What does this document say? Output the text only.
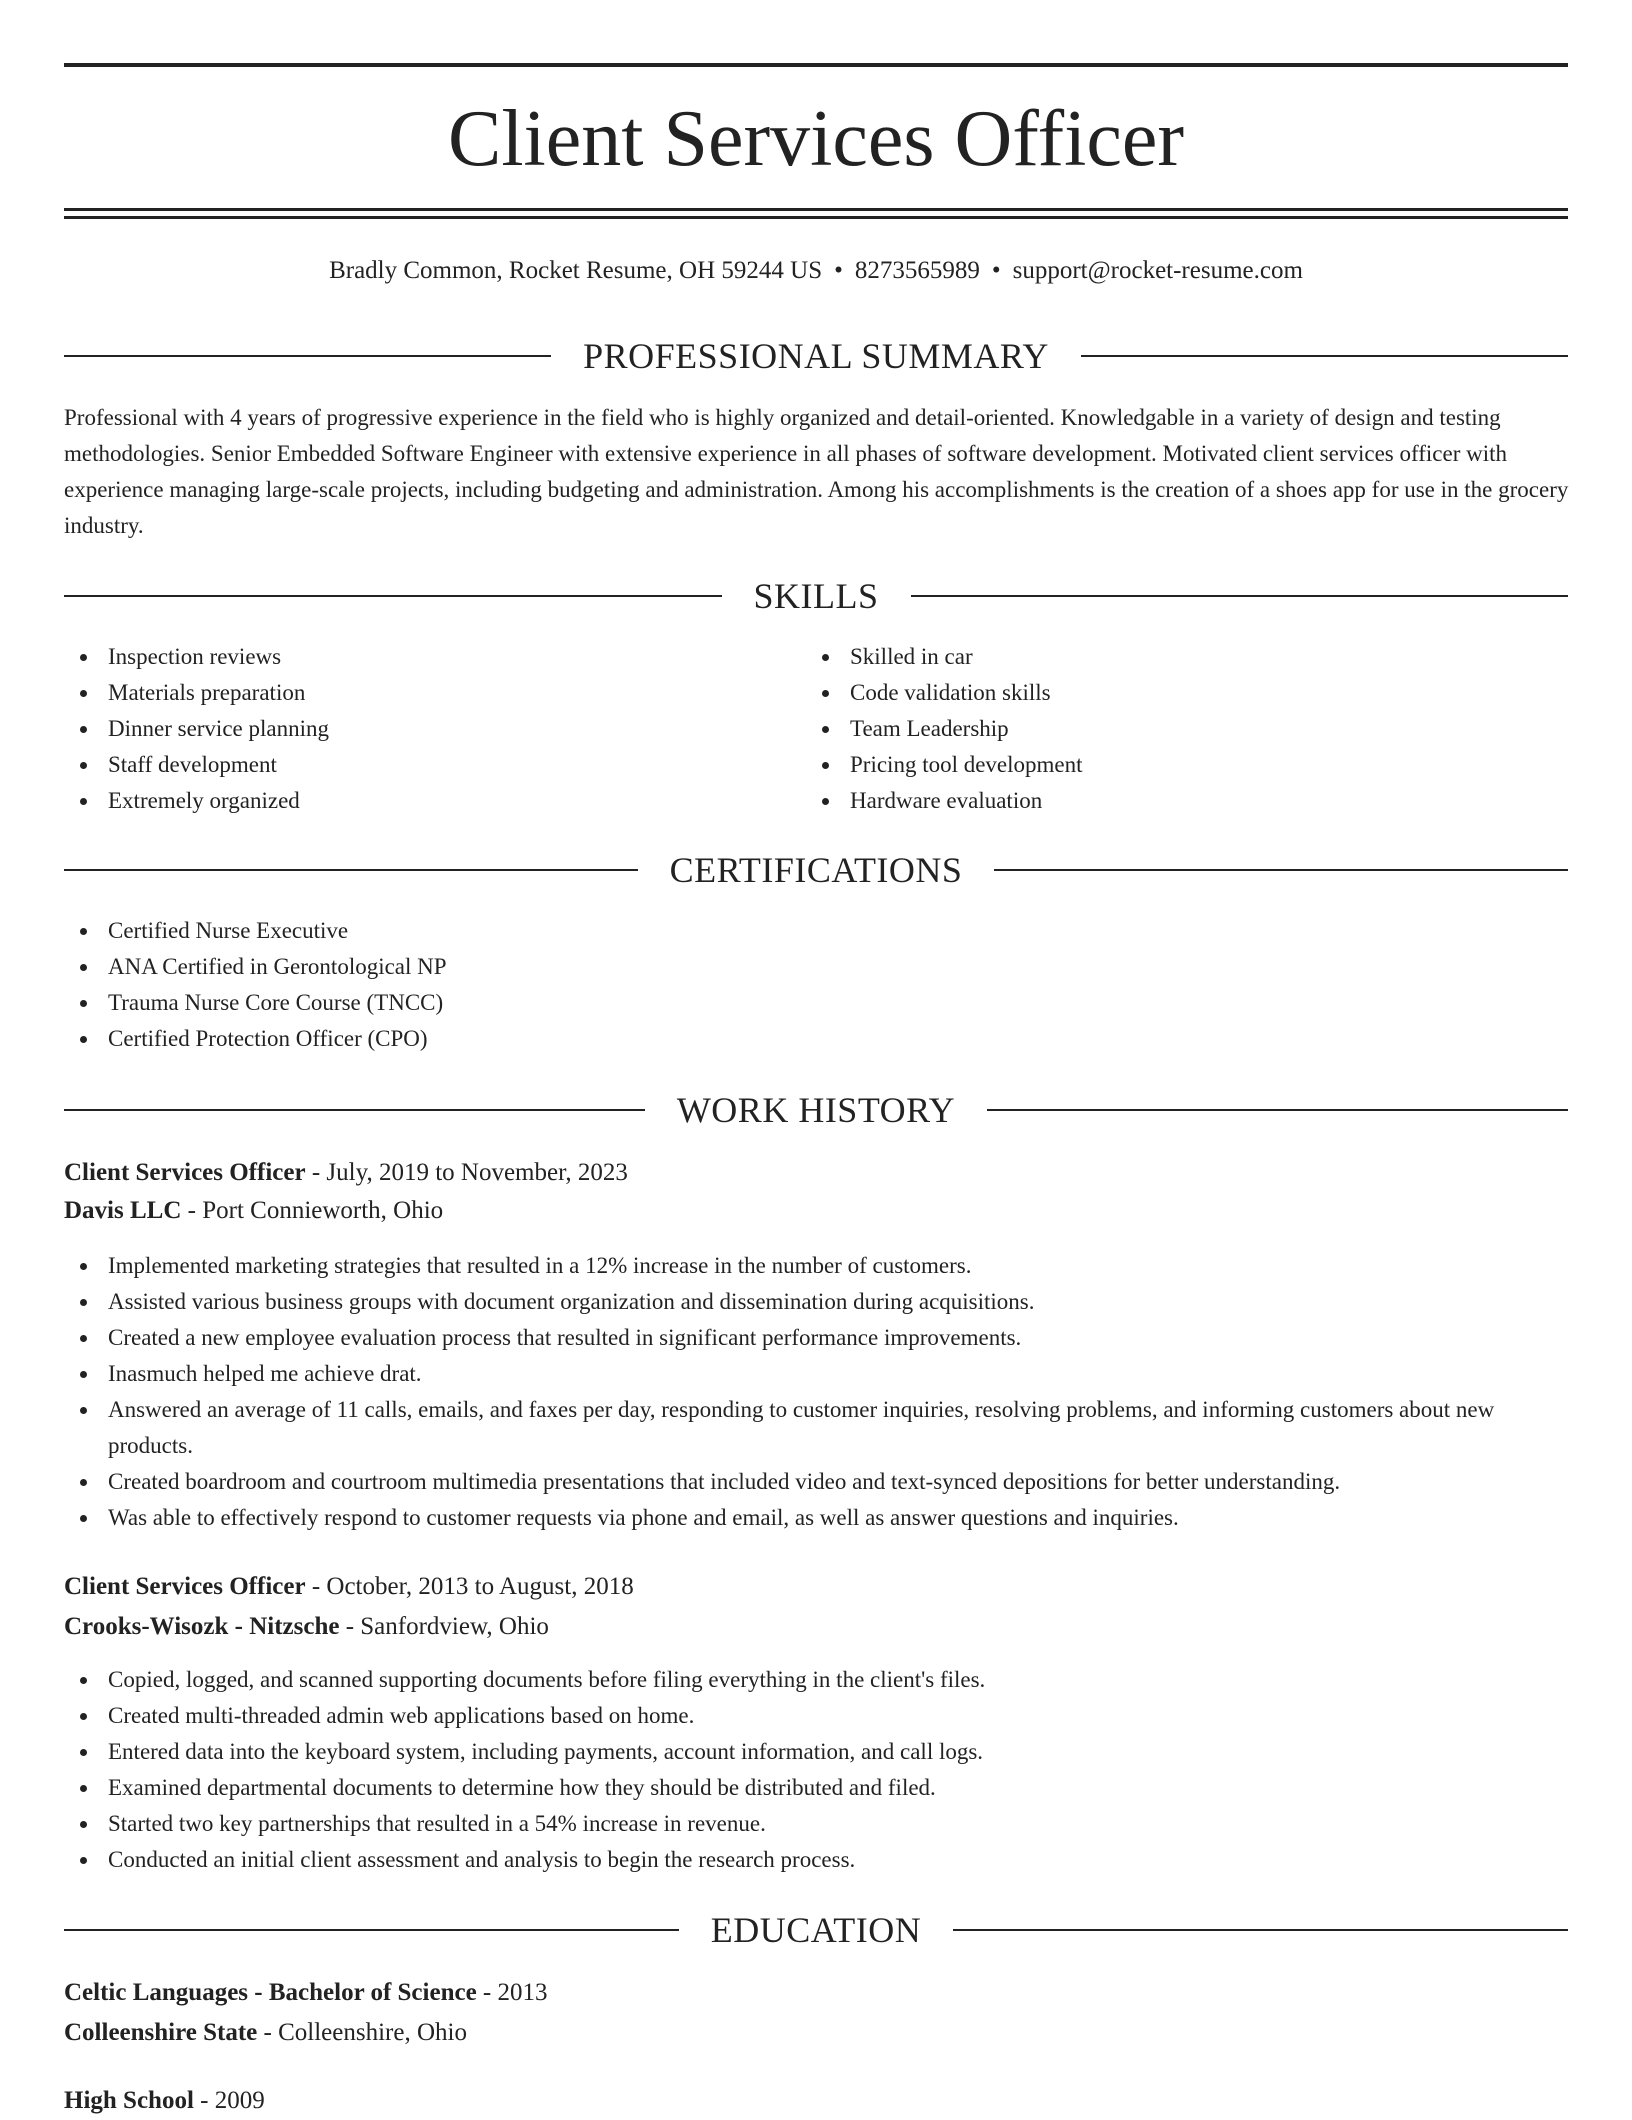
Client Services Officer
Bradly Common, Rocket Resume, OH 59244 US • 8273565989 • support@rocket-resume.com
PROFESSIONAL SUMMARY

Professional with 4 years of progressive experience in the field who is highly organized and detail-oriented. Knowledgable in a variety of design and testing methodologies. Senior Embedded Software Engineer with extensive experience in all phases of software development. Motivated client services officer with experience managing large-scale projects, including budgeting and administration. Among his accomplishments is the creation of a shoes app for use in the grocery industry.

SKILLS
Inspection reviews
Materials preparation
Dinner service planning
Staff development
Extremely organized
Skilled in car
Code validation skills
Team Leadership
Pricing tool development
Hardware evaluation
CERTIFICATIONS
Certified Nurse Executive
ANA Certified in Gerontological NP
Trauma Nurse Core Course (TNCC)
Certified Protection Officer (CPO)
WORK HISTORY
Client Services Officer - July, 2019 to November, 2023
Davis LLC - Port Connieworth, Ohio
Implemented marketing strategies that resulted in a 12% increase in the number of customers.
Assisted various business groups with document organization and dissemination during acquisitions.
Created a new employee evaluation process that resulted in significant performance improvements.
Inasmuch helped me achieve drat.
Answered an average of 11 calls, emails, and faxes per day, responding to customer inquiries, resolving problems, and informing customers about new products.
Created boardroom and courtroom multimedia presentations that included video and text-synced depositions for better understanding.
Was able to effectively respond to customer requests via phone and email, as well as answer questions and inquiries.
Client Services Officer - October, 2013 to August, 2018
Crooks-Wisozk - Nitzsche - Sanfordview, Ohio
Copied, logged, and scanned supporting documents before filing everything in the client's files.
Created multi-threaded admin web applications based on home.
Entered data into the keyboard system, including payments, account information, and call logs.
Examined departmental documents to determine how they should be distributed and filed.
Started two key partnerships that resulted in a 54% increase in revenue.
Conducted an initial client assessment and analysis to begin the research process.
EDUCATION
Celtic Languages - Bachelor of Science - 2013
Colleenshire State - Colleenshire, Ohio
High School - 2009
